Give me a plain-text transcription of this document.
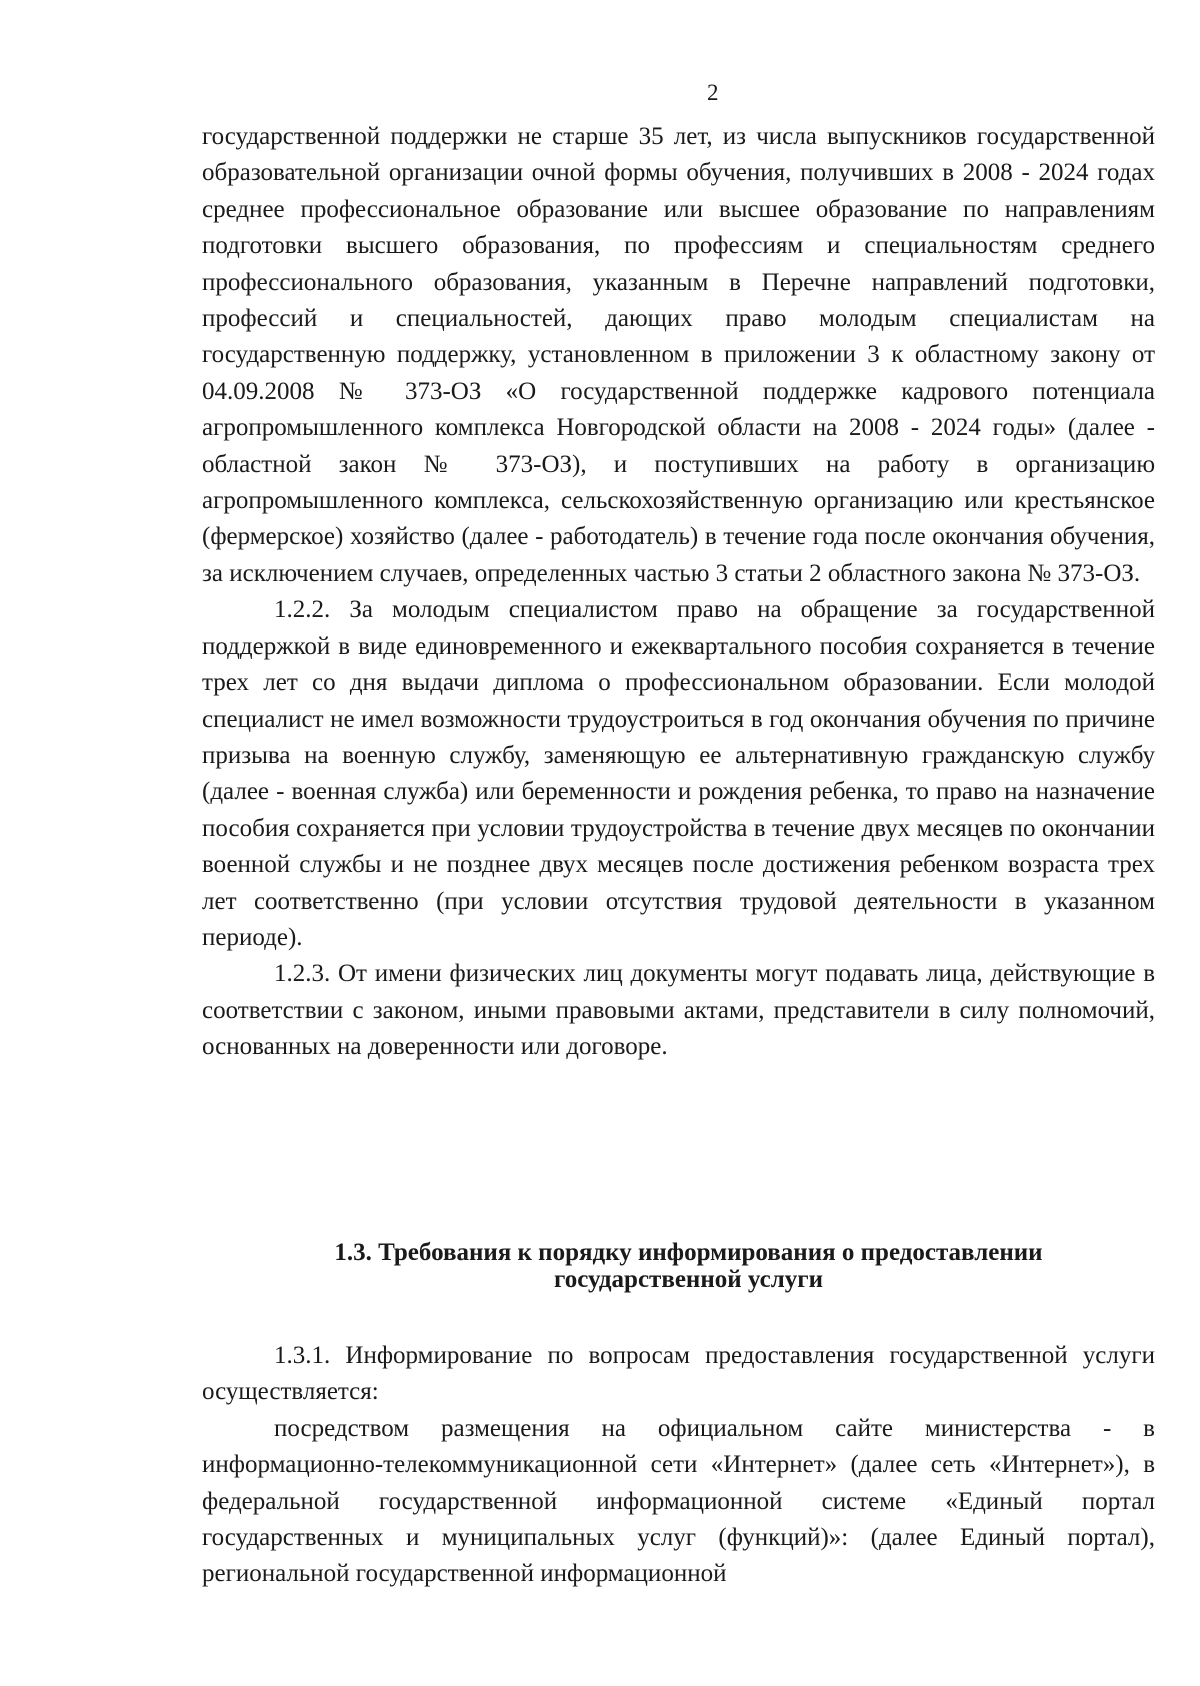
2

государственной поддержки не старше 35 лет, из числа выпускников государственной образовательной организации очной формы обучения, получивших в 2008 - 2024 годах среднее профессиональное образование или высшее образование по направлениям подготовки высшего образования, по профессиям и специальностям среднего профессионального образования, указанным в Перечне направлений подготовки, профессий и специальностей, дающих право молодым специалистам на государственную поддержку, установленном в приложении 3 к областному закону от 04.09.2008 № 373-ОЗ «О государственной поддержке кадрового потенциала агропромышленного комплекса Новгородской области на 2008 - 2024 годы» (далее - областной закон № 373-ОЗ), и поступивших на работу в организацию агропромышленного комплекса, сельскохозяйственную организацию или крестьянское (фермерское) хозяйство (далее - работодатель) в течение года после окончания обучения, за исключением случаев, определенных частью 3 статьи 2 областного закона № 373-ОЗ.

1.2.2. За молодым специалистом право на обращение за государственной поддержкой в виде единовременного и ежеквартального пособия сохраняется в течение трех лет со дня выдачи диплома о профессиональном образовании. Если молодой специалист не имел возможности трудоустроиться в год окончания обучения по причине призыва на военную службу, заменяющую ее альтернативную гражданскую службу (далее - военная служба) или беременности и рождения ребенка, то право на назначение пособия сохраняется при условии трудоустройства в течение двух месяцев по окончании военной службы и не позднее двух месяцев после достижения ребенком возраста трех лет соответственно (при условии отсутствия трудовой деятельности в указанном периоде).

1.2.3. От имени физических лиц документы могут подавать лица, действующие в соответствии с законом, иными правовыми актами, представители в силу полномочий, основанных на доверенности или договоре.

1.3. Требования к порядку информирования о предоставлении
государственной услуги

1.3.1. Информирование по вопросам предоставления государственной услуги осуществляется:

посредством размещения на официальном сайте министерства - в информационно-телекоммуникационной сети «Интернет» (далее сеть «Интернет»), в федеральной государственной информационной системе «Единый портал государственных и муниципальных услуг (функций)»: (далее Единый портал), региональной государственной информационной
